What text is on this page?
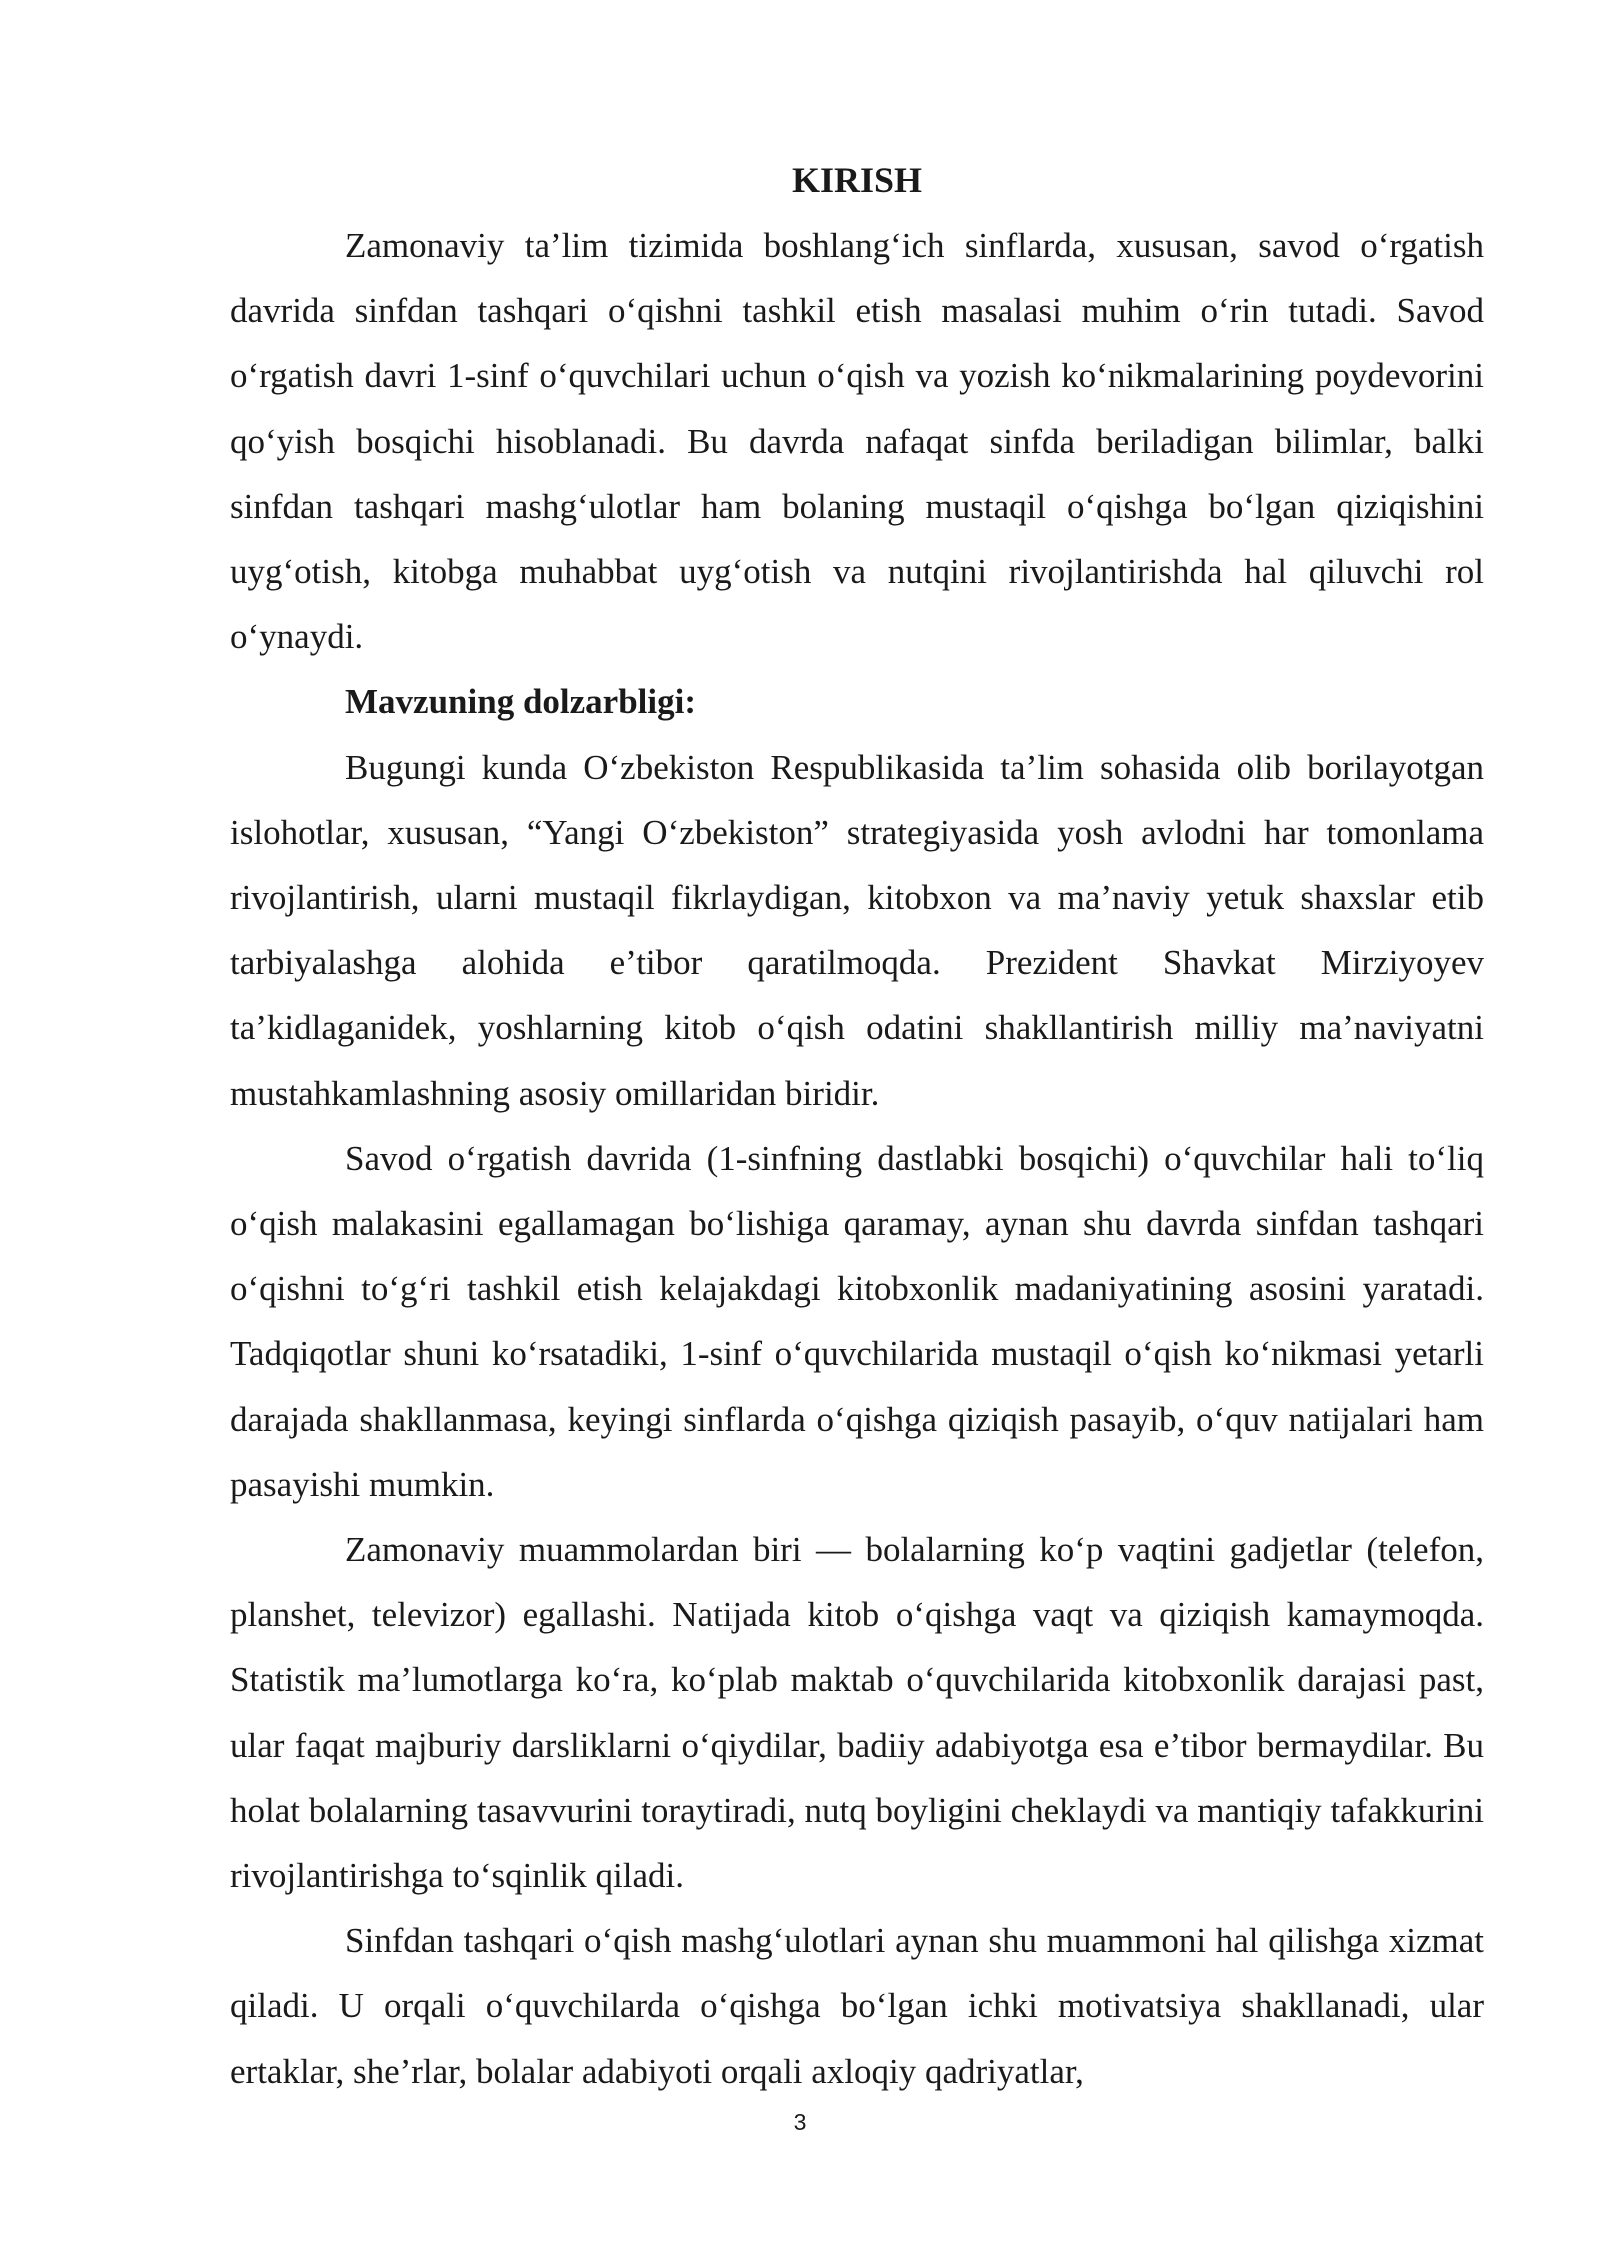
KIRISH

Zamonaviy ta’lim tizimida boshlang‘ich sinflarda, xususan, savod o‘rgatish davrida sinfdan tashqari o‘qishni tashkil etish masalasi muhim o‘rin tutadi. Savod o‘rgatish davri 1-sinf o‘quvchilari uchun o‘qish va yozish ko‘nikmalarining poydevorini qo‘yish bosqichi hisoblanadi. Bu davrda nafaqat sinfda beriladigan bilimlar, balki sinfdan tashqari mashg‘ulotlar ham bolaning mustaqil o‘qishga bo‘lgan qiziqishini uyg‘otish, kitobga muhabbat uyg‘otish va nutqini rivojlantirishda hal qiluvchi rol o‘ynaydi.

Mavzuning dolzarbligi:

Bugungi kunda O‘zbekiston Respublikasida ta’lim sohasida olib borilayotgan islohotlar, xususan, “Yangi O‘zbekiston” strategiyasida yosh avlodni har tomonlama rivojlantirish, ularni mustaqil fikrlaydigan, kitobxon va ma’naviy yetuk shaxslar etib tarbiyalashga alohida e’tibor qaratilmoqda. Prezident Shavkat Mirziyoyev ta’kidlaganidek, yoshlarning kitob o‘qish odatini shakllantirish milliy ma’naviyatni mustahkamlashning asosiy omillaridan biridir.

Savod o‘rgatish davrida (1-sinfning dastlabki bosqichi) o‘quvchilar hali to‘liq o‘qish malakasini egallamagan bo‘lishiga qaramay, aynan shu davrda sinfdan tashqari o‘qishni to‘g‘ri tashkil etish kelajakdagi kitobxonlik madaniyatining asosini yaratadi. Tadqiqotlar shuni ko‘rsatadiki, 1-sinf o‘quvchilarida mustaqil o‘qish ko‘nikmasi yetarli darajada shakllanmasa, keyingi sinflarda o‘qishga qiziqish pasayib, o‘quv natijalari ham pasayishi mumkin.

Zamonaviy muammolardan biri — bolalarning ko‘p vaqtini gadjetlar (telefon, planshet, televizor) egallashi. Natijada kitob o‘qishga vaqt va qiziqish kamaymoqda. Statistik ma’lumotlarga ko‘ra, ko‘plab maktab o‘quvchilarida kitobxonlik darajasi past, ular faqat majburiy darsliklarni o‘qiydilar, badiiy adabiyotga esa e’tibor bermaydilar. Bu holat bolalarning tasavvurini toraytiradi, nutq boyligini cheklaydi va mantiqiy tafakkurini rivojlantirishga to‘sqinlik qiladi.

Sinfdan tashqari o‘qish mashg‘ulotlari aynan shu muammoni hal qilishga xizmat qiladi. U orqali o‘quvchilarda o‘qishga bo‘lgan ichki motivatsiya shakllanadi, ular ertaklar, she’rlar, bolalar adabiyoti orqali axloqiy qadriyatlar,

3
